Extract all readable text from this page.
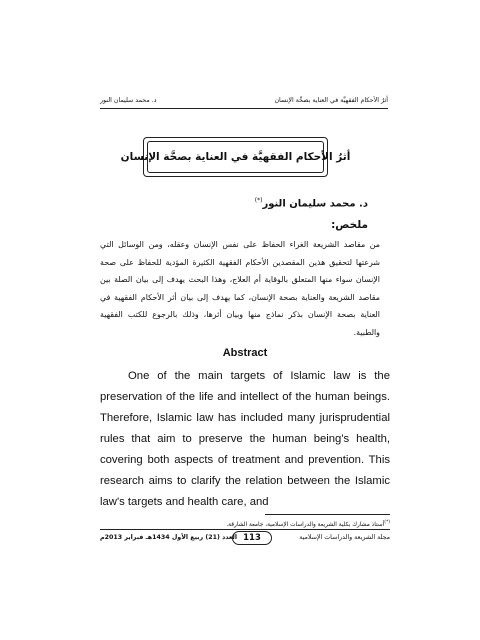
د. محمد سليمان النور	أثرُ الأحكام الفقهيَّة في العناية بصحَّة الإنسان
أثرُ الأحكام الفقهيَّة في العناية بصحَّة الإنسان
د. محمد سليمان النور(*)
ملخص:
من مقاصد الشريعة الغراء الحفاظ على نفس الإنسان وعقله، ومن الوسائل التي شرعتها لتحقيق هذين المقصدين الأحكام الفقهية الكثيرة المؤدية للحفاظ على صحة الإنسان سواء منها المتعلق بالوقاية أم العلاج، وهذا البحث يهدف إلى بيان الصلة بين مقاصد الشريعة والعناية بصحة الإنسان، كما يهدف إلى بيان أثر الأحكام الفقهية في العناية بصحة الإنسان بذكر نماذج منها وبيان أثرها، وذلك بالرجوع للكتب الفقهية والطبية.
Abstract
One of the main targets of Islamic law is the preservation of the life and intellect of the human beings. Therefore, Islamic law has included many jurisprudential rules that aim to preserve the human being's health, covering both aspects of treatment and prevention. This research aims to clarify the relation between the Islamic law's targets and health care, and
(*)أستاذ مشارك بكلية الشريعة والدراسات الإسلامية، جامعة الشارقة.
العدد (21) ربيع الأول 1434هـ فبراير 2013م 113	مجلة الشريعة والدراسات الإسلامية
